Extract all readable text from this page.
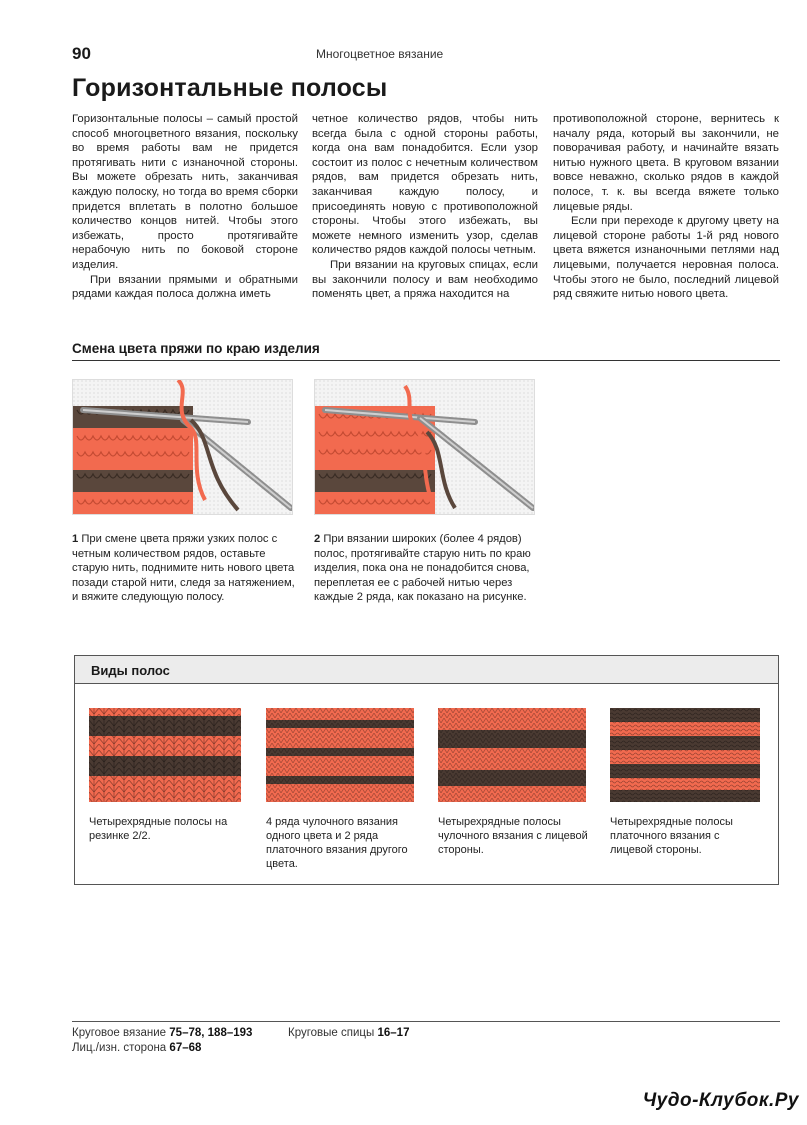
90	Многоцветное вязание
Горизонтальные полосы

Горизонтальные полосы – самый простой способ многоцветного вязания, поскольку во время работы вам не придется протягивать нити с изнаночной стороны. Вы можете обрезать нить, заканчивая каждую полоску, но тогда во время сборки придется вплетать в полотно большое количество концов нитей. Чтобы этого избежать, просто протягивайте нерабочую нить по боковой стороне изделия.

При вязании прямыми и обратными рядами каждая полоса должна иметь

четное количество рядов, чтобы нить всегда была с одной стороны работы, когда она вам понадобится. Если узор состоит из полос с нечетным количеством рядов, вам придется обрезать нить, заканчивая каждую полосу, и присоединять новую с противоположной стороны. Чтобы этого избежать, вы можете немного изменить узор, сделав количество рядов каждой полосы четным.

При вязании на круговых спицах, если вы закончили полосу и вам необходимо поменять цвет, а пряжа находится на

противоположной стороне, вернитесь к началу ряда, который вы закончили, не поворачивая работу, и начинайте вязать нитью нужного цвета. В круговом вязании вовсе неважно, сколько рядов в каждой полосе, т. к. вы всегда вяжете только лицевые ряды.

Если при переходе к другому цвету на лицевой стороне работы 1-й ряд нового цвета вяжется изнаночными петлями над лицевыми, получается неровная полоса. Чтобы этого не было, последний лицевой ряд свяжите нитью нового цвета.

Смена цвета пряжи по краю изделия

1 При смене цвета пряжи узких полос с четным количеством рядов, оставьте старую нить, поднимите нить нового цвета позади старой нити, следя за натяжением, и вяжите следующую полосу.

2 При вязании широких (более 4 рядов) полос, протягивайте старую нить по краю изделия, пока она не понадобится снова, переплетая ее с рабочей нитью через каждые 2 ряда, как показано на рисунке.

Виды полос

Четырехрядные полосы на резинке 2/2.

4 ряда чулочного вязания одного цвета и 2 ряда платочного вязания другого цвета.

Четырехрядные полосы чулочного вязания с лицевой стороны.

Четырехрядные полосы платочного вязания с лицевой стороны.

Круговое вязание 75–78, 188–193
Лиц./изн. сторона 67–68
Круговые спицы 16–17
Чудо-Клубок.Ру
